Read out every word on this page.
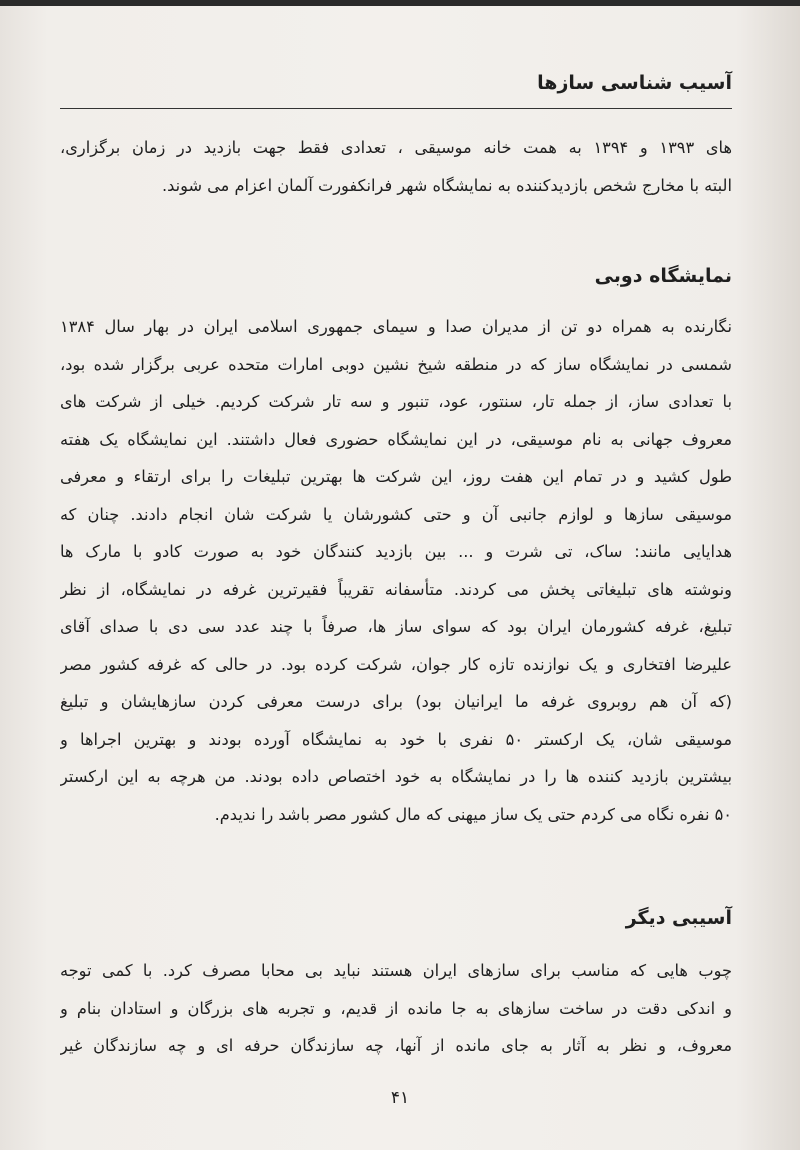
آسیب شناسی سازها
های ۱۳۹۳ و ۱۳۹۴ به همت خانه موسیقی ، تعدادی فقط جهت بازدید در زمان برگزاری،
البته با مخارج شخص بازدیدکننده به نمایشگاه شهر فرانکفورت آلمان اعزام می شوند.
نمایشگاه دوبی
نگارنده به همراه دو تن از مدیران صدا و سیمای جمهوری اسلامی ایران در بهار سال ۱۳۸۴
شمسی در نمایشگاه ساز که در منطقه شیخ نشین دوبی امارات متحده عربی برگزار شده بود،
با تعدادی ساز، از جمله تار، سنتور، عود، تنبور و سه تار شرکت کردیم. خیلی از شرکت های
معروف جهانی به نام موسیقی، در این نمایشگاه حضوری فعال داشتند. این نمایشگاه یک هفته
طول کشید و در تمام این هفت روز، این شرکت ها بهترین تبلیغات را برای ارتقاء و معرفی
موسیقی سازها و لوازم جانبی آن و حتی کشورشان یا شرکت شان انجام دادند. چنان که
هدایایی مانند: ساک، تی شرت و ... بین بازدید کنندگان خود به صورت کادو با مارک ها
ونوشته های تبلیغاتی پخش می کردند. متأسفانه تقریباً فقیرترین غرفه در نمایشگاه، از نظر
تبلیغ، غرفه کشورمان ایران بود که سوای ساز ها، صرفاً با چند عدد سی دی با صدای آقای
علیرضا افتخاری و یک نوازنده تازه کار جوان، شرکت کرده بود. در حالی که غرفه کشور مصر
(که آن هم روبروی غرفه ما ایرانیان بود) برای درست معرفی کردن سازهایشان و تبلیغ
موسیقی شان، یک ارکستر ۵۰ نفری با خود به نمایشگاه آورده بودند و بهترین اجراها و
بیشترین بازدید کننده ها را در نمایشگاه به خود اختصاص داده بودند. من هرچه به این ارکستر
۵۰ نفره نگاه می کردم حتی یک ساز میهنی که مال کشور مصر باشد را ندیدم.
آسیبی دیگر
چوب هایی که مناسب برای سازهای ایران هستند نباید بی محابا مصرف کرد. با کمی توجه
و اندکی دقت در ساخت سازهای به جا مانده از قدیم، و تجربه های بزرگان و استادان بنام و
معروف، و نظر به آثار به جای مانده از آنها، چه سازندگان حرفه ای و چه سازندگان غیر
۴۱
